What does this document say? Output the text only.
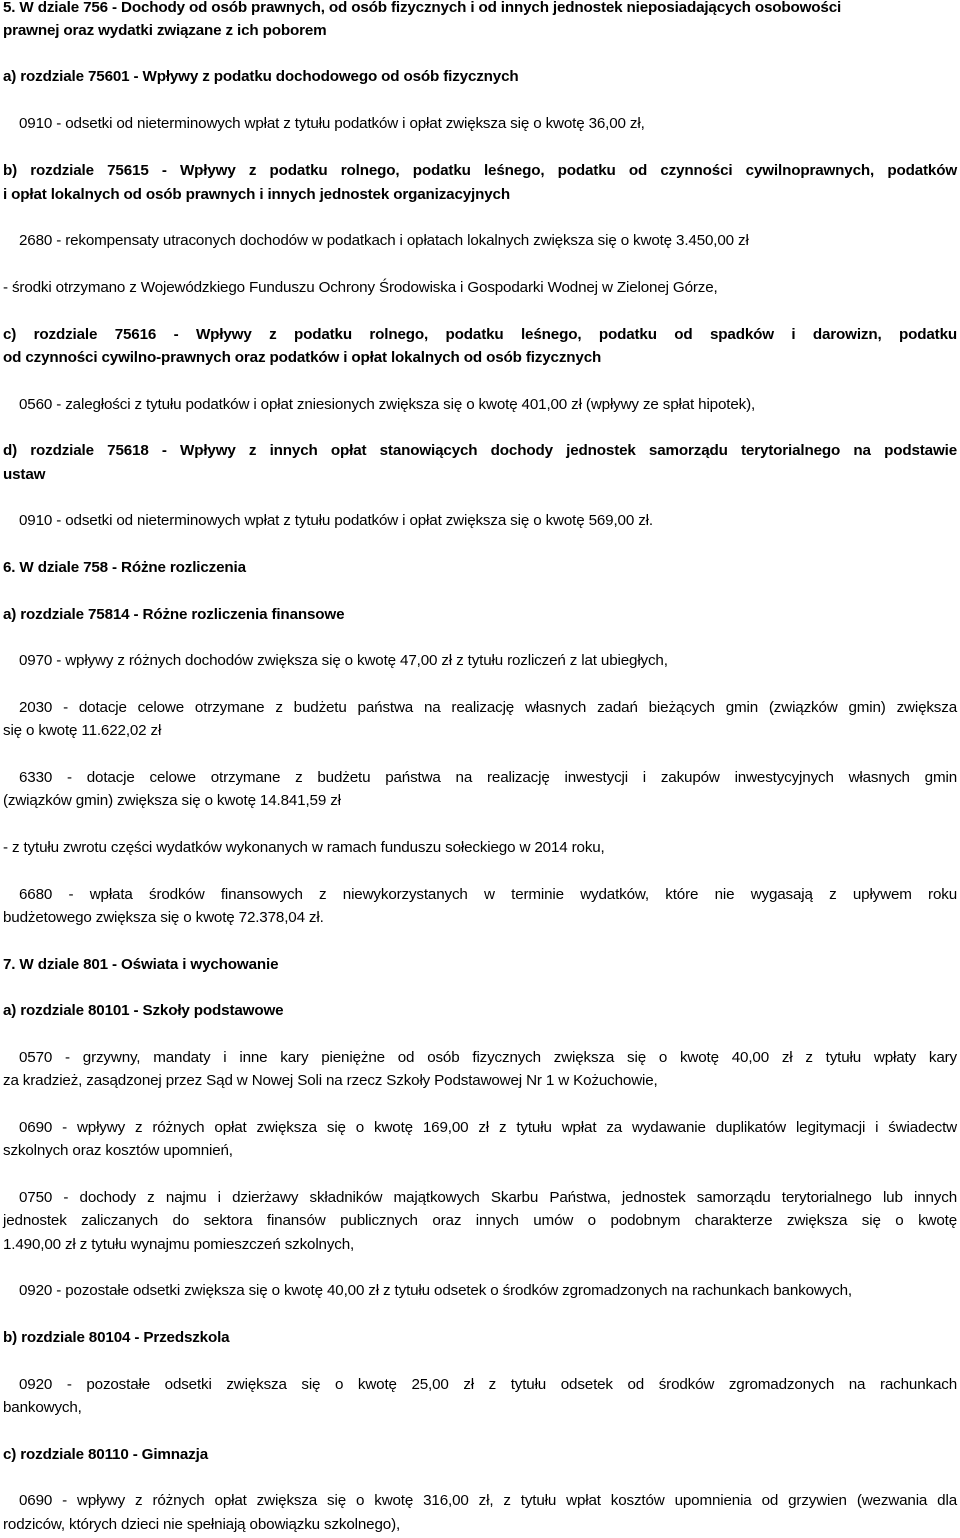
5. W dziale 756 - Dochody od osób prawnych, od osób fizycznych i od innych jednostek nieposiadających osobowości
prawnej oraz wydatki związane z ich poborem
a) rozdziale 75601 - Wpływy z podatku dochodowego od osób fizycznych
0910 - odsetki od nieterminowych wpłat z tytułu podatków i opłat zwiększa się o kwotę 36,00 zł,
b) rozdziale 75615 - Wpływy z podatku rolnego, podatku leśnego, podatku od czynności cywilnoprawnych, podatków
i opłat lokalnych od osób prawnych i innych jednostek organizacyjnych
2680 - rekompensaty utraconych dochodów w podatkach i opłatach lokalnych zwiększa się o kwotę 3.450,00 zł
- środki otrzymano z Wojewódzkiego Funduszu Ochrony Środowiska i Gospodarki Wodnej w Zielonej Górze,
c) rozdziale 75616 - Wpływy z podatku rolnego, podatku leśnego, podatku od spadków i darowizn, podatku
od czynności cywilno-prawnych oraz podatków i opłat lokalnych od osób fizycznych
0560 - zaległości z tytułu podatków i opłat zniesionych zwiększa się o kwotę 401,00 zł (wpływy ze spłat hipotek),
d) rozdziale 75618 - Wpływy z innych opłat stanowiących dochody jednostek samorządu terytorialnego na podstawie
ustaw
0910 - odsetki od nieterminowych wpłat z tytułu podatków i opłat zwiększa się o kwotę 569,00 zł.
6. W dziale 758 - Różne rozliczenia
a) rozdziale 75814 - Różne rozliczenia finansowe
0970 - wpływy z różnych dochodów zwiększa się o kwotę 47,00 zł z tytułu rozliczeń z lat ubiegłych,
2030 - dotacje celowe otrzymane z budżetu państwa na realizację własnych zadań bieżących gmin (związków gmin) zwiększa
się o kwotę 11.622,02 zł
6330 - dotacje celowe otrzymane z budżetu państwa na realizację inwestycji i zakupów inwestycyjnych własnych gmin
(związków gmin) zwiększa się o kwotę 14.841,59 zł
- z tytułu zwrotu części wydatków wykonanych w ramach funduszu sołeckiego w 2014 roku,
6680 - wpłata środków finansowych z niewykorzystanych w terminie wydatków, które nie wygasają z upływem roku
budżetowego zwiększa się o kwotę 72.378,04 zł.
7. W dziale 801 - Oświata i wychowanie
a) rozdziale 80101 - Szkoły podstawowe
0570 - grzywny, mandaty i inne kary pieniężne od osób fizycznych zwiększa się o kwotę 40,00 zł z tytułu wpłaty kary
za kradzież, zasądzonej przez Sąd w Nowej Soli na rzecz Szkoły Podstawowej Nr 1 w Kożuchowie,
0690 - wpływy z różnych opłat zwiększa się o kwotę 169,00 zł z tytułu wpłat za wydawanie duplikatów legitymacji i świadectw
szkolnych oraz kosztów upomnień,
0750 - dochody z najmu i dzierżawy składników majątkowych Skarbu Państwa, jednostek samorządu terytorialnego lub innych
jednostek zaliczanych do sektora finansów publicznych oraz innych umów o podobnym charakterze zwiększa się o kwotę
1.490,00 zł z tytułu wynajmu pomieszczeń szkolnych,
0920 - pozostałe odsetki zwiększa się o kwotę 40,00 zł z tytułu odsetek o środków zgromadzonych na rachunkach bankowych,
b) rozdziale 80104 - Przedszkola
0920 - pozostałe odsetki zwiększa się o kwotę 25,00 zł z tytułu odsetek od środków zgromadzonych na rachunkach
bankowych,
c) rozdziale 80110 - Gimnazja
0690 - wpływy z różnych opłat zwiększa się o kwotę 316,00 zł, z tytułu wpłat kosztów upomnienia od grzywien (wezwania dla
rodziców, których dzieci nie spełniają obowiązku szkolnego),
